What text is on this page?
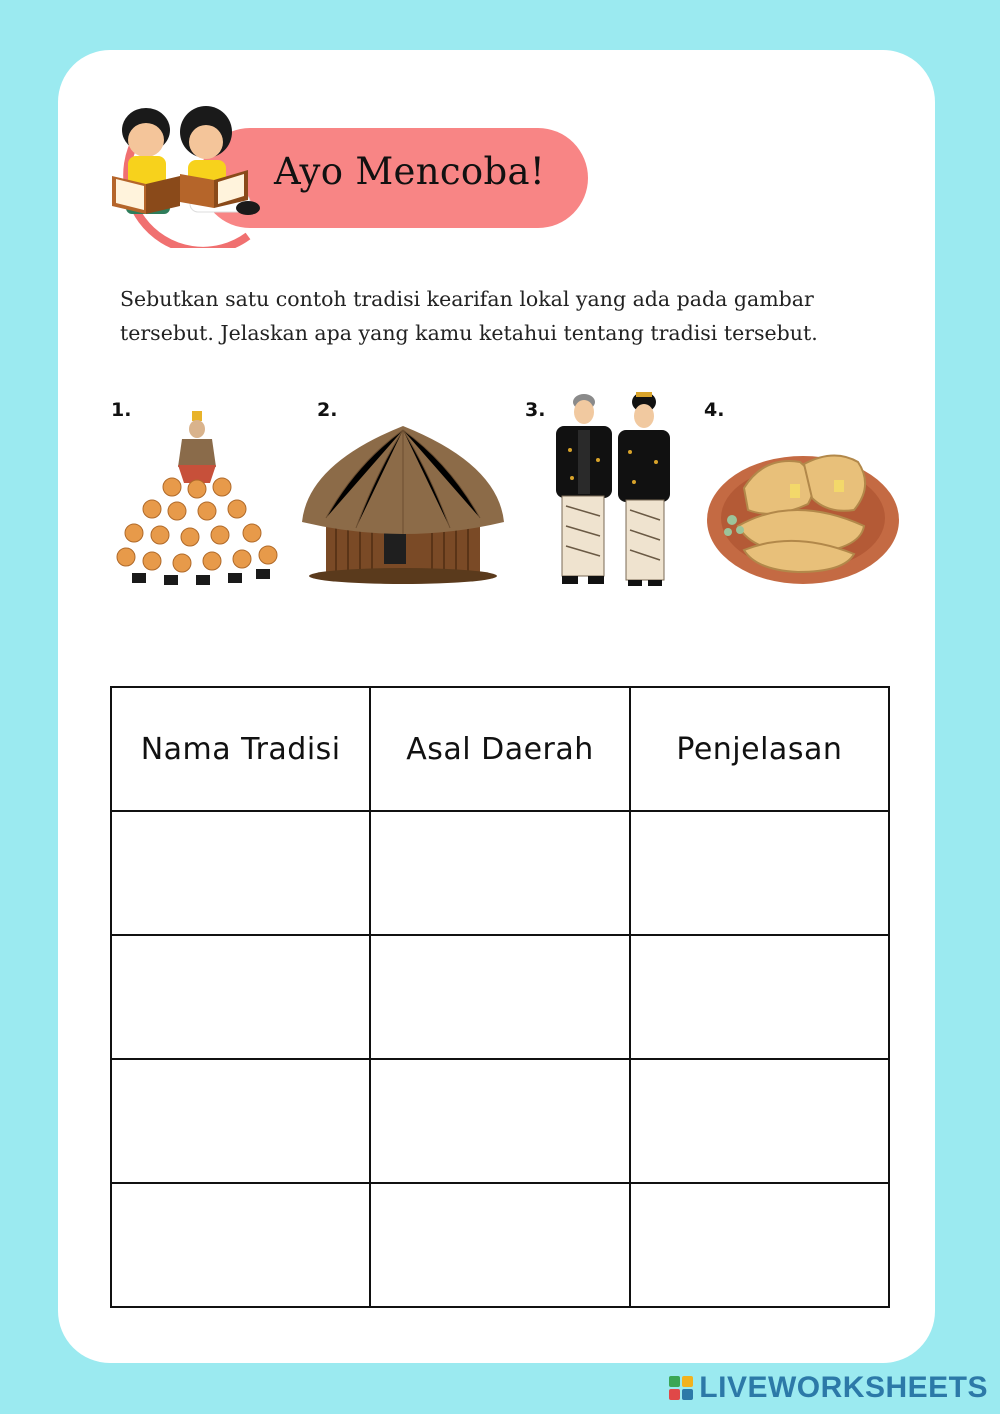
Ayo Mencoba!
Sebutkan satu contoh tradisi kearifan lokal yang ada pada gambar
tersebut. Jelaskan apa yang kamu ketahui tentang tradisi tersebut.
1.	2.	3.	4.
Nama Tradisi	Asal Daerah	Penjelasan

LIVEWORKSHEETS
